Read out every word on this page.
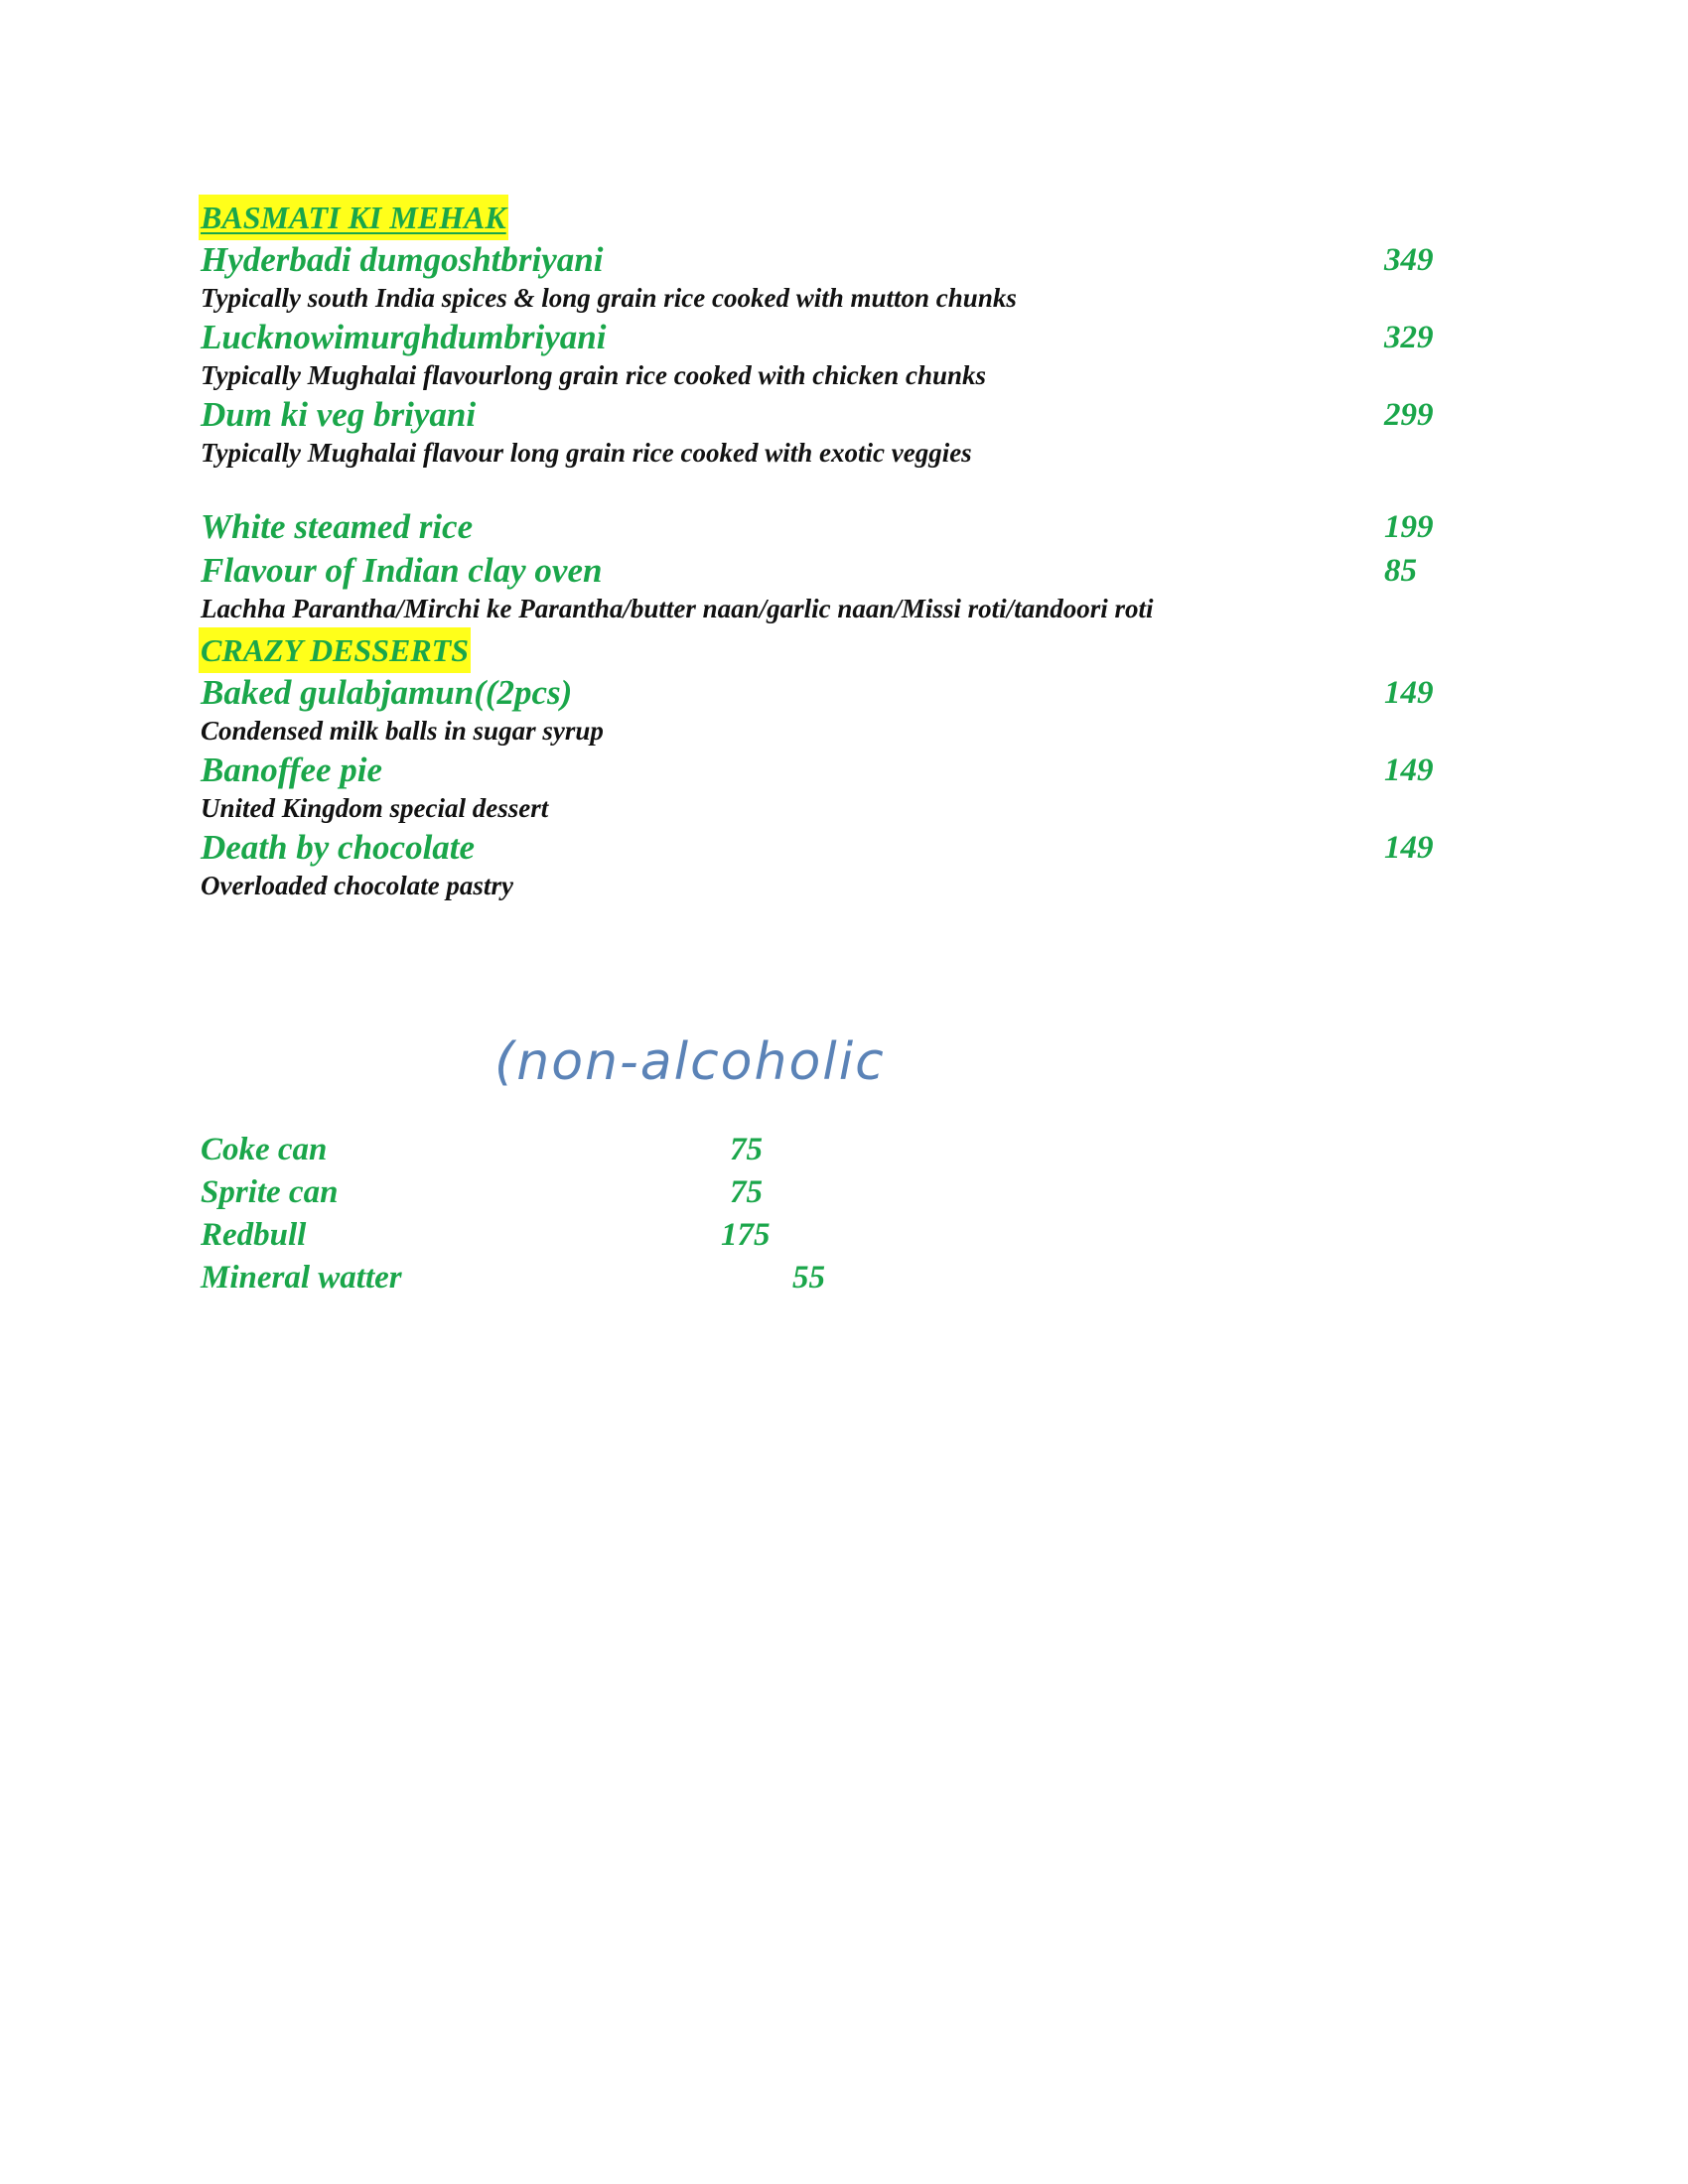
BASMATI KI MEHAK
Hyderbadi dumgoshtbriyani	349
Typically south India spices & long grain rice cooked with mutton chunks
Lucknowimurghdumbriyani	329
Typically Mughalai flavourlong grain rice cooked with chicken chunks
Dum ki veg briyani	299
Typically Mughalai flavour long grain rice cooked with exotic veggies
White steamed rice	199
Flavour of Indian clay oven	85
Lachha Parantha/Mirchi ke Parantha/butter naan/garlic naan/Missi roti/tandoori roti
CRAZY DESSERTS
Baked gulabjamun((2pcs)	149
Condensed milk balls in sugar syrup
Banoffee pie	149
United Kingdom special dessert
Death by chocolate	149
Overloaded chocolate pastry
(non-alcoholic
Coke can	75
Sprite can	75
Redbull	175
Mineral watter	55
